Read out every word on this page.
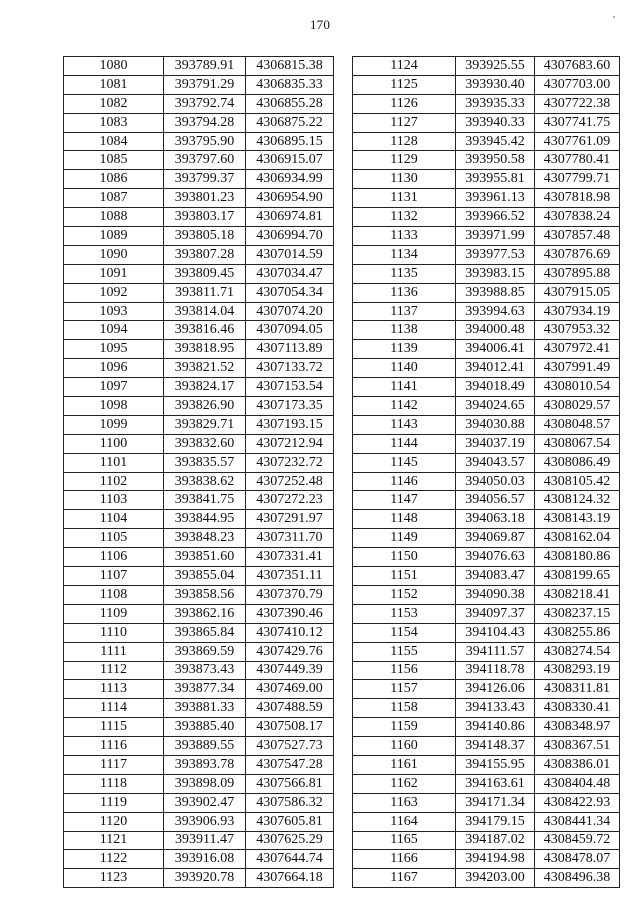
170
1080	393789.91	4306815.38
1081	393791.29	4306835.33
1082	393792.74	4306855.28
1083	393794.28	4306875.22
1084	393795.90	4306895.15
1085	393797.60	4306915.07
1086	393799.37	4306934.99
1087	393801.23	4306954.90
1088	393803.17	4306974.81
1089	393805.18	4306994.70
1090	393807.28	4307014.59
1091	393809.45	4307034.47
1092	393811.71	4307054.34
1093	393814.04	4307074.20
1094	393816.46	4307094.05
1095	393818.95	4307113.89
1096	393821.52	4307133.72
1097	393824.17	4307153.54
1098	393826.90	4307173.35
1099	393829.71	4307193.15
1100	393832.60	4307212.94
1101	393835.57	4307232.72
1102	393838.62	4307252.48
1103	393841.75	4307272.23
1104	393844.95	4307291.97
1105	393848.23	4307311.70
1106	393851.60	4307331.41
1107	393855.04	4307351.11
1108	393858.56	4307370.79
1109	393862.16	4307390.46
1110	393865.84	4307410.12
1111	393869.59	4307429.76
1112	393873.43	4307449.39
1113	393877.34	4307469.00
1114	393881.33	4307488.59
1115	393885.40	4307508.17
1116	393889.55	4307527.73
1117	393893.78	4307547.28
1118	393898.09	4307566.81
1119	393902.47	4307586.32
1120	393906.93	4307605.81
1121	393911.47	4307625.29
1122	393916.08	4307644.74
1123	393920.78	4307664.18
1124	393925.55	4307683.60
1125	393930.40	4307703.00
1126	393935.33	4307722.38
1127	393940.33	4307741.75
1128	393945.42	4307761.09
1129	393950.58	4307780.41
1130	393955.81	4307799.71
1131	393961.13	4307818.98
1132	393966.52	4307838.24
1133	393971.99	4307857.48
1134	393977.53	4307876.69
1135	393983.15	4307895.88
1136	393988.85	4307915.05
1137	393994.63	4307934.19
1138	394000.48	4307953.32
1139	394006.41	4307972.41
1140	394012.41	4307991.49
1141	394018.49	4308010.54
1142	394024.65	4308029.57
1143	394030.88	4308048.57
1144	394037.19	4308067.54
1145	394043.57	4308086.49
1146	394050.03	4308105.42
1147	394056.57	4308124.32
1148	394063.18	4308143.19
1149	394069.87	4308162.04
1150	394076.63	4308180.86
1151	394083.47	4308199.65
1152	394090.38	4308218.41
1153	394097.37	4308237.15
1154	394104.43	4308255.86
1155	394111.57	4308274.54
1156	394118.78	4308293.19
1157	394126.06	4308311.81
1158	394133.43	4308330.41
1159	394140.86	4308348.97
1160	394148.37	4308367.51
1161	394155.95	4308386.01
1162	394163.61	4308404.48
1163	394171.34	4308422.93
1164	394179.15	4308441.34
1165	394187.02	4308459.72
1166	394194.98	4308478.07
1167	394203.00	4308496.38
